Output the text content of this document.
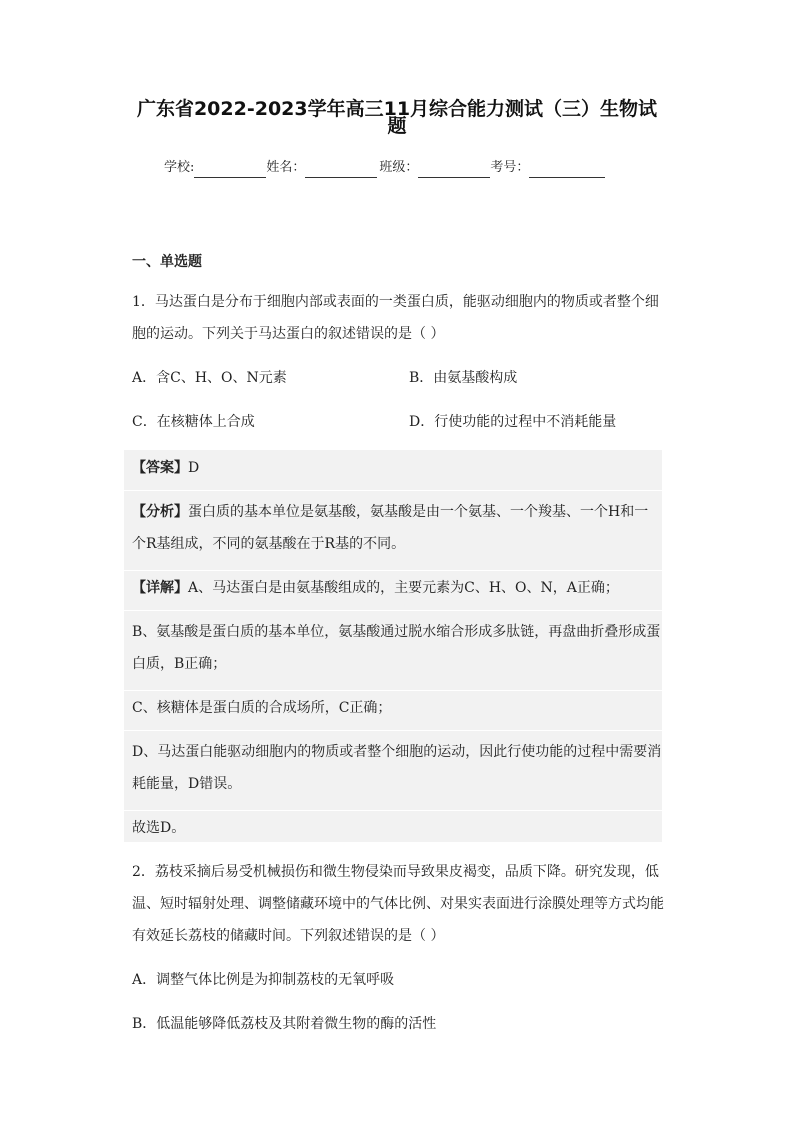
广东省2022-2023学年高三11月综合能力测试（三）生物试
题
学校:	姓名：	班级：	考号：
一、单选题
1．马达蛋白是分布于细胞内部或表面的一类蛋白质，能驱动细胞内的物质或者整个细
胞的运动。下列关于马达蛋白的叙述错误的是（ ）
A．含C、H、O、N元素	B．由氨基酸构成
C．在核糖体上合成	D．行使功能的过程中不消耗能量
【答案】D
【分析】蛋白质的基本单位是氨基酸，氨基酸是由一个氨基、一个羧基、一个H和一
个R基组成，不同的氨基酸在于R基的不同。
【详解】A、马达蛋白是由氨基酸组成的，主要元素为C、H、O、N，A正确；
B、氨基酸是蛋白质的基本单位，氨基酸通过脱水缩合形成多肽链，再盘曲折叠形成蛋
白质，B正确；
C、核糖体是蛋白质的合成场所，C正确；
D、马达蛋白能驱动细胞内的物质或者整个细胞的运动，因此行使功能的过程中需要消
耗能量，D错误。
故选D。
2．荔枝采摘后易受机械损伤和微生物侵染而导致果皮褐变，品质下降。研究发现，低
温、短时辐射处理、调整储藏环境中的气体比例、对果实表面进行涂膜处理等方式均能
有效延长荔枝的储藏时间。下列叙述错误的是（ ）
A．调整气体比例是为抑制荔枝的无氧呼吸
B．低温能够降低荔枝及其附着微生物的酶的活性
